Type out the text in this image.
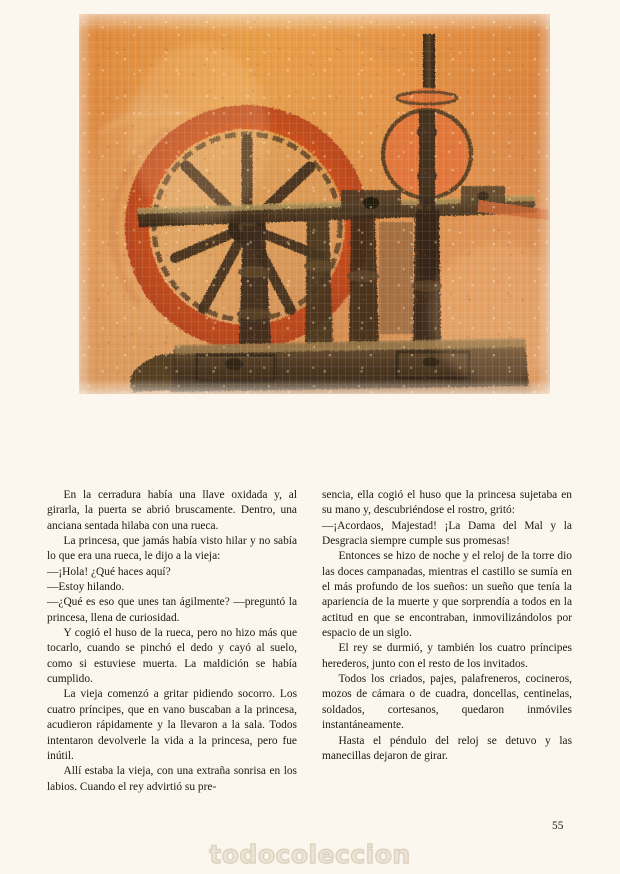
En la cerradura había una llave oxidada y, al girarla, la puerta se abrió bruscamente. Dentro, una anciana sentada hilaba con una rueca.

La princesa, que jamás había visto hilar y no sabía lo que era una rueca, le dijo a la vieja:

—¡Hola! ¿Qué haces aquí?

—Estoy hilando.

—¿Qué es eso que unes tan ágilmente? —preguntó la princesa, llena de curiosidad.

Y cogió el huso de la rueca, pero no hizo más que tocarlo, cuando se pinchó el dedo y cayó al suelo, como si estuviese muerta. La maldición se había cumplido.

La vieja comenzó a gritar pidiendo socorro. Los cuatro príncipes, que en vano buscaban a la princesa, acudieron rápidamente y la llevaron a la sala. Todos intentaron devolverle la vida a la princesa, pero fue inútil.

Allí estaba la vieja, con una extraña sonrisa en los labios. Cuando el rey advirtió su pre-

sencia, ella cogió el huso que la princesa sujetaba en su mano y, descubriéndose el rostro, gritó:

—¡Acordaos, Majestad! ¡La Dama del Mal y la Desgracia siempre cumple sus promesas!

Entonces se hizo de noche y el reloj de la torre dio las doces campanadas, mientras el castillo se sumía en el más profundo de los sueños: un sueño que tenía la apariencia de la muerte y que sorprendía a todos en la actitud en que se encontraban, inmovilizándolos por espacio de un siglo.

El rey se durmió, y también los cuatro príncipes herederos, junto con el resto de los invitados.

Todos los criados, pajes, palafreneros, cocineros, mozos de cámara o de cuadra, doncellas, centinelas, soldados, cortesanos, quedaron inmóviles instantáneamente.

Hasta el péndulo del reloj se detuvo y las manecillas dejaron de girar.

55
todocoleccion
